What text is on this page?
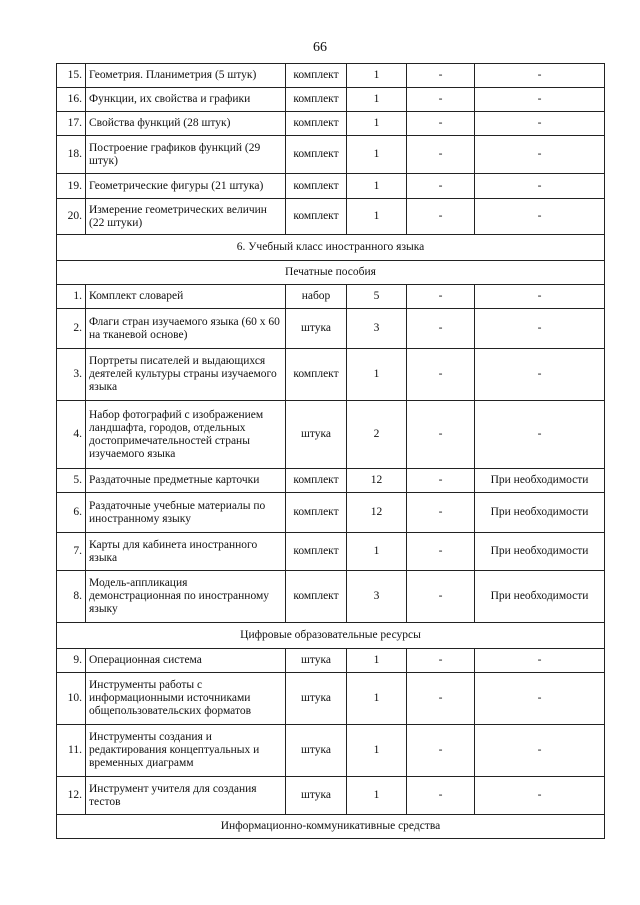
66
15.	Геометрия. Планиметрия (5 штук)	комплект	1	-	-
16.	Функции, их свойства и графики	комплект	1	-	-
17.	Свойства функций (28 штук)	комплект	1	-	-
18.	Построение графиков функций (29 штук)	комплект	1	-	-
19.	Геометрические фигуры (21 штука)	комплект	1	-	-
20.	Измерение геометрических величин (22 штуки)	комплект	1	-	-
6. Учебный класс иностранного языка					
Печатные пособия					
1.	Комплект словарей	набор	5	-	-
2.	Флаги стран изучаемого языка (60 х 60 на тканевой основе)	штука	3	-	-
3.	Портреты писателей и выдающихся деятелей культуры страны изучаемого языка	комплект	1	-	-
4.	Набор фотографий с изображением ландшафта, городов, отдельных достопримечательностей страны изучаемого языка	штука	2	-	-
5.	Раздаточные предметные карточки	комплект	12	-	При необходимости
6.	Раздаточные учебные материалы по иностранному языку	комплект	12	-	При необходимости
7.	Карты для кабинета иностранного языка	комплект	1	-	При необходимости
8.	Модель-аппликация демонстрационная по иностранному языку	комплект	3	-	При необходимости
Цифровые образовательные ресурсы					
9.	Операционная система	штука	1	-	-
10.	Инструменты работы с информационными источниками общепользовательских форматов	штука	1	-	-
11.	Инструменты создания и редактирования концептуальных и временных диаграмм	штука	1	-	-
12.	Инструмент учителя для создания тестов	штука	1	-	-
Информационно-коммуникативные средства					
